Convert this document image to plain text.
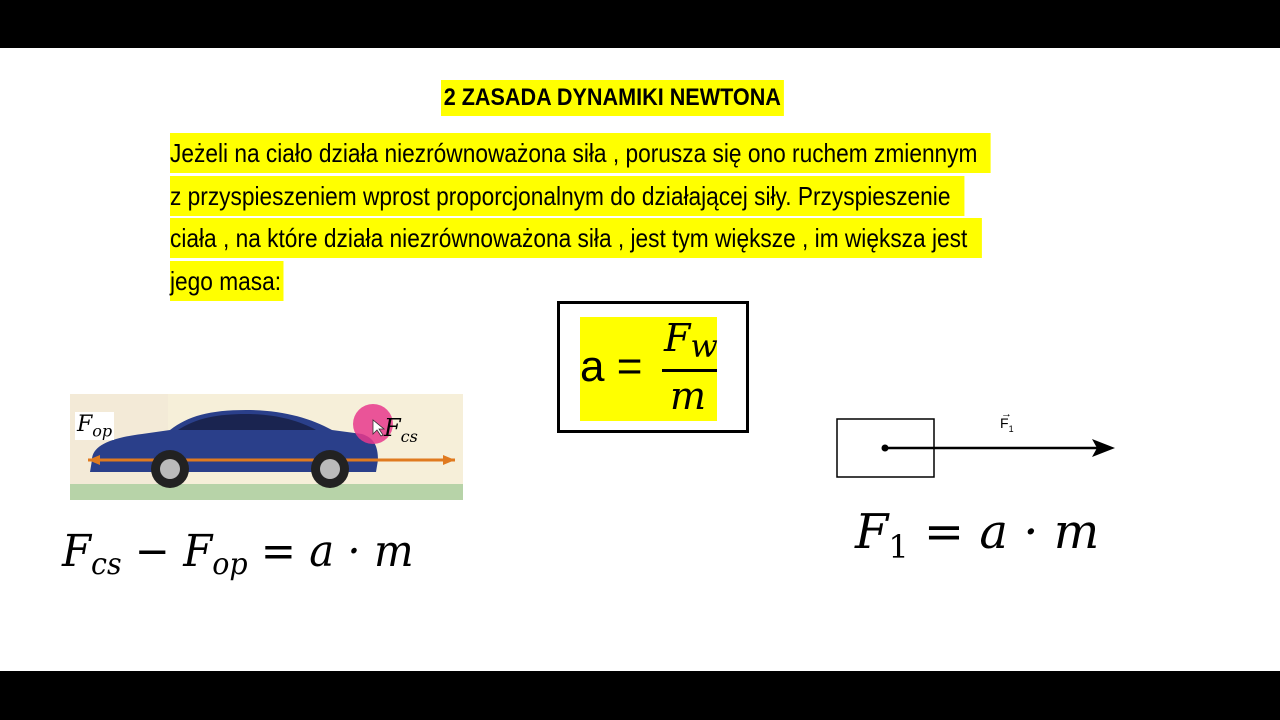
2 ZASADA DYNAMIKI NEWTONA
Jeżeli na ciało działa niezrównoważona siła , porusza się ono ruchem zmiennym
z przyspieszeniem wprost proporcjonalnym do działającej siły. Przyspieszenie
ciała , na które działa niezrównoważona siła , jest tym większe , im większa jest
jego masa:
a =
$F_w$
m
$F_{op}$	$F_{cs}$
$F_{cs} - F_{op} = a \cdot m$
→
$F_1$
$F_1 = a \cdot m$
